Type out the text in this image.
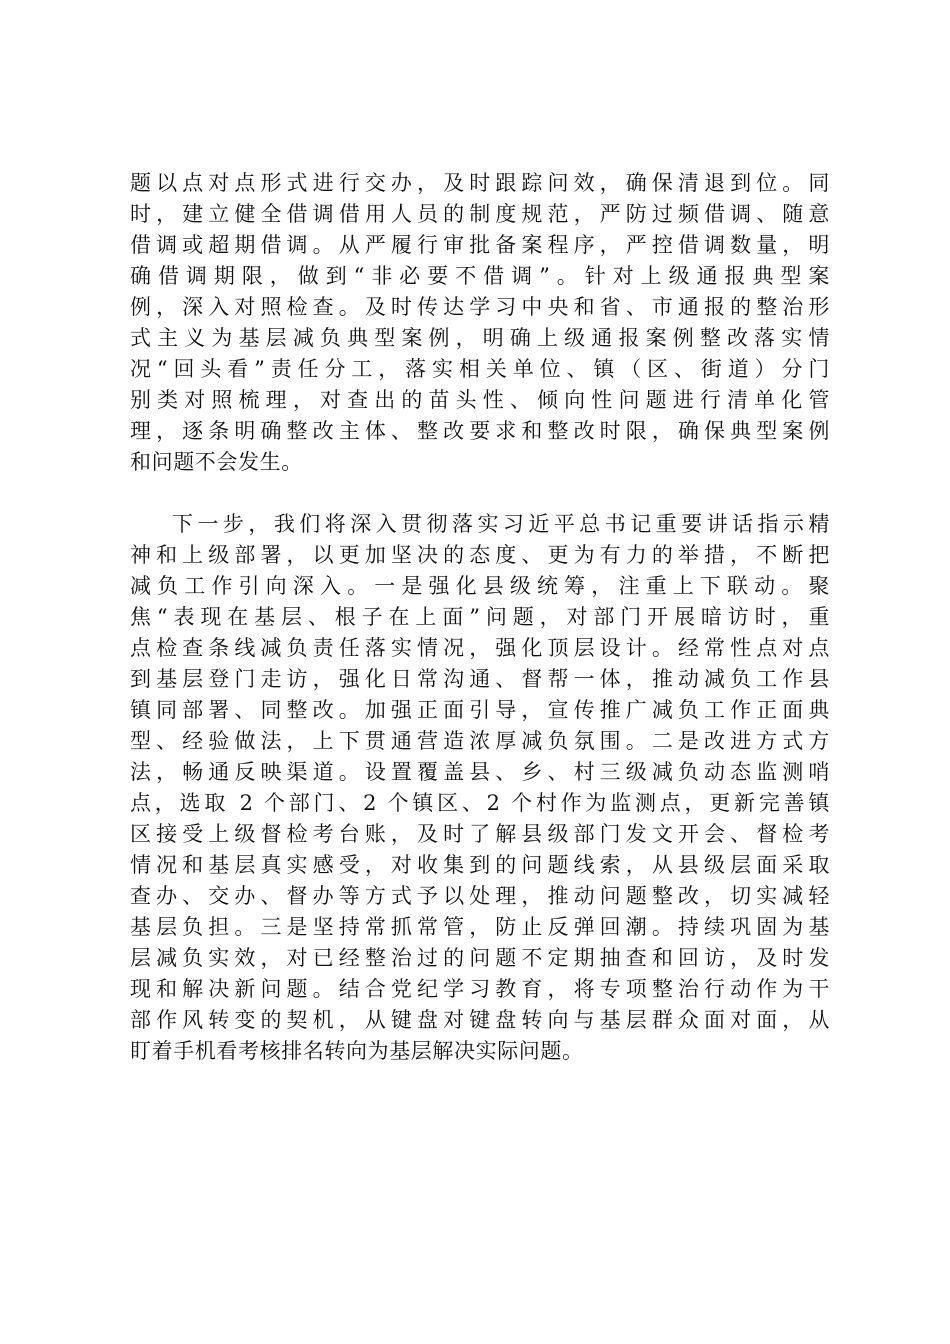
题以点对点形式进行交办，及时跟踪问效，确保清退到位。同
时，建立健全借调借用人员的制度规范，严防过频借调、随意
借调或超期借调。从严履行审批备案程序，严控借调数量，明
确借调期限，做到“非必要不借调”。针对上级通报典型案
例，深入对照检查。及时传达学习中央和省、市通报的整治形
式主义为基层减负典型案例，明确上级通报案例整改落实情
况“回头看”责任分工，落实相关单位、镇（区、街道）分门
别类对照梳理，对查出的苗头性、倾向性问题进行清单化管
理，逐条明确整改主体、整改要求和整改时限，确保典型案例
和问题不会发生。
下一步，我们将深入贯彻落实习近平总书记重要讲话指示精
神和上级部署，以更加坚决的态度、更为有力的举措，不断把
减负工作引向深入。一是强化县级统筹，注重上下联动。聚
焦“表现在基层、根子在上面”问题，对部门开展暗访时，重
点检查条线减负责任落实情况，强化顶层设计。经常性点对点
到基层登门走访，强化日常沟通、督帮一体，推动减负工作县
镇同部署、同整改。加强正面引导，宣传推广减负工作正面典
型、经验做法，上下贯通营造浓厚减负氛围。二是改进方式方
法，畅通反映渠道。设置覆盖县、乡、村三级减负动态监测哨
点，选取 2 个部门、2 个镇区、2 个村作为监测点，更新完善镇
区接受上级督检考台账，及时了解县级部门发文开会、督检考
情况和基层真实感受，对收集到的问题线索，从县级层面采取
查办、交办、督办等方式予以处理，推动问题整改，切实减轻
基层负担。三是坚持常抓常管，防止反弹回潮。持续巩固为基
层减负实效，对已经整治过的问题不定期抽查和回访，及时发
现和解决新问题。结合党纪学习教育，将专项整治行动作为干
部作风转变的契机，从键盘对键盘转向与基层群众面对面，从
盯着手机看考核排名转向为基层解决实际问题。
